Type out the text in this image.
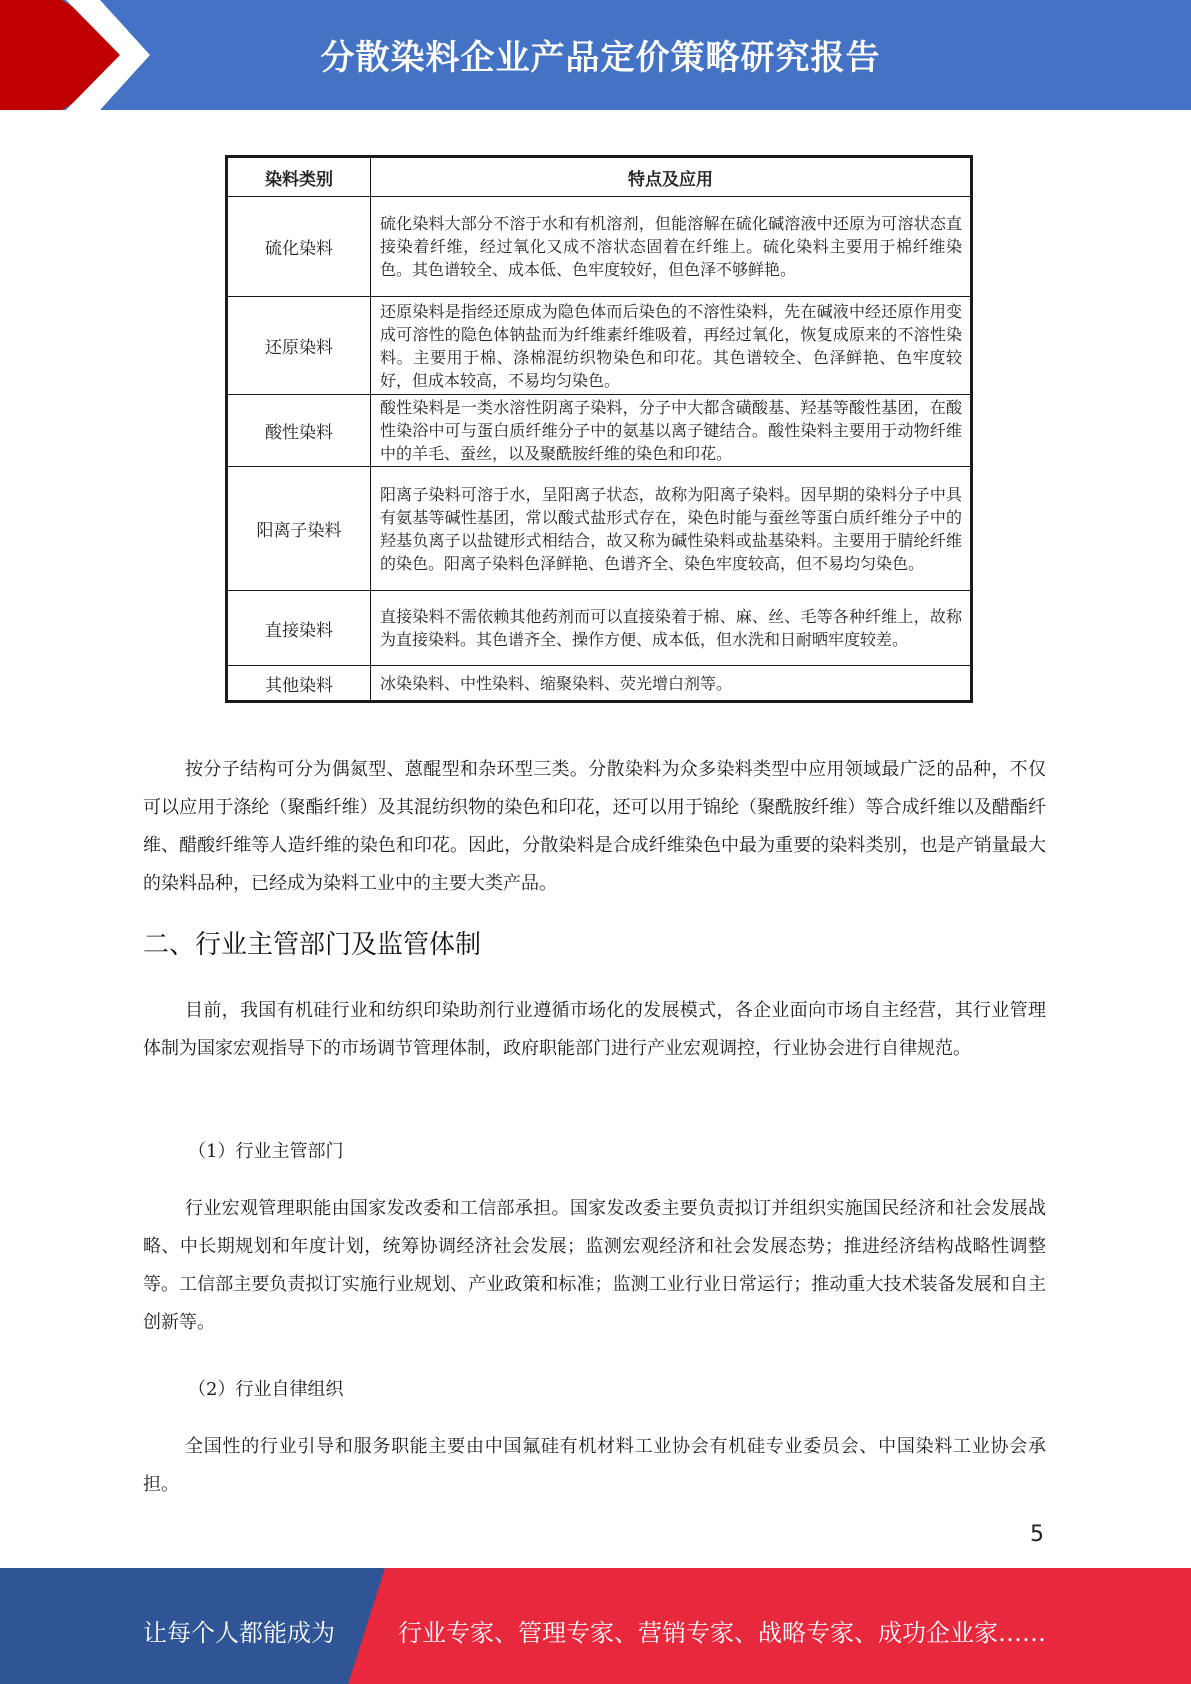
分散染料企业产品定价策略研究报告
染料类别	特点及应用
硫化染料	硫化染料大部分不溶于水和有机溶剂，但能溶解在硫化碱溶液中还原为可溶状态直接染着纤维，经过氧化又成不溶状态固着在纤维上。硫化染料主要用于棉纤维染色。其色谱较全、成本低、色牢度较好，但色泽不够鲜艳。
还原染料	还原染料是指经还原成为隐色体而后染色的不溶性染料，先在碱液中经还原作用变成可溶性的隐色体钠盐而为纤维素纤维吸着，再经过氧化，恢复成原来的不溶性染料。主要用于棉、涤棉混纺织物染色和印花。其色谱较全、色泽鲜艳、色牢度较好，但成本较高，不易均匀染色。
酸性染料	酸性染料是一类水溶性阴离子染料，分子中大都含磺酸基、羟基等酸性基团，在酸性染浴中可与蛋白质纤维分子中的氨基以离子键结合。酸性染料主要用于动物纤维中的羊毛、蚕丝，以及聚酰胺纤维的染色和印花。
阳离子染料	阳离子染料可溶于水，呈阳离子状态，故称为阳离子染料。因早期的染料分子中具有氨基等碱性基团，常以酸式盐形式存在，染色时能与蚕丝等蛋白质纤维分子中的羟基负离子以盐键形式相结合，故又称为碱性染料或盐基染料。主要用于腈纶纤维的染色。阳离子染料色泽鲜艳、色谱齐全、染色牢度较高，但不易均匀染色。
直接染料	直接染料不需依赖其他药剂而可以直接染着于棉、麻、丝、毛等各种纤维上，故称为直接染料。其色谱齐全、操作方便、成本低，但水洗和日耐晒牢度较差。
其他染料	冰染染料、中性染料、缩聚染料、荧光增白剂等。

按分子结构可分为偶氮型、蒽醌型和杂环型三类。分散染料为众多染料类型中应用领域最广泛的品种，不仅可以应用于涤纶（聚酯纤维）及其混纺织物的染色和印花，还可以用于锦纶（聚酰胺纤维）等合成纤维以及醋酯纤维、醋酸纤维等人造纤维的染色和印花。因此，分散染料是合成纤维染色中最为重要的染料类别，也是产销量最大的染料品种，已经成为染料工业中的主要大类产品。

二、行业主管部门及监管体制

目前，我国有机硅行业和纺织印染助剂行业遵循市场化的发展模式，各企业面向市场自主经营，其行业管理体制为国家宏观指导下的市场调节管理体制，政府职能部门进行产业宏观调控，行业协会进行自律规范。

（1）行业主管部门

行业宏观管理职能由国家发改委和工信部承担。国家发改委主要负责拟订并组织实施国民经济和社会发展战略、中长期规划和年度计划，统筹协调经济社会发展；监测宏观经济和社会发展态势；推进经济结构战略性调整等。工信部主要负责拟订实施行业规划、产业政策和标准；监测工业行业日常运行；推动重大技术装备发展和自主创新等。

（2）行业自律组织

全国性的行业引导和服务职能主要由中国氟硅有机材料工业协会有机硅专业委员会、中国染料工业协会承担。

5
让每个人都能成为	行业专家、管理专家、营销专家、战略专家、成功企业家……
